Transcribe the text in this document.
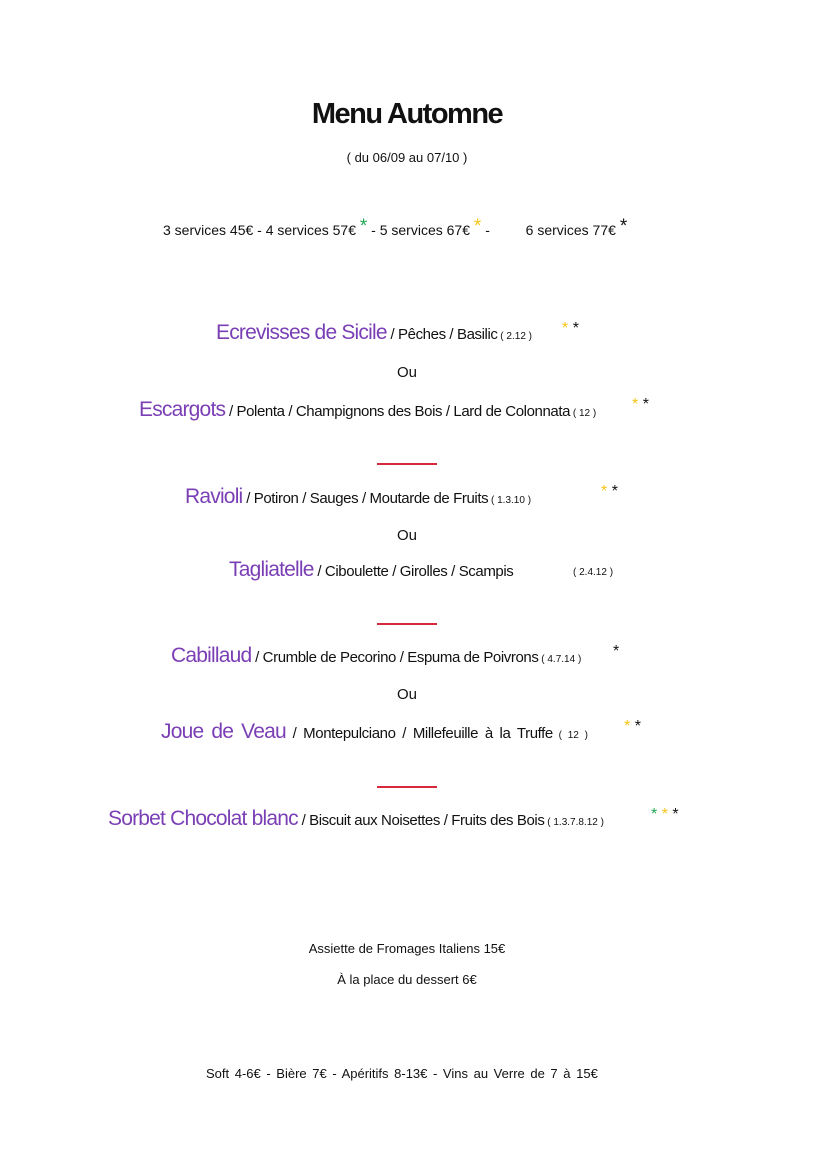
Menu Automne
( du 06/09 au 07/10 )
3 services 45€ - 4 services 57€ * - 5 services 67€ * -	6 services 77€ *
Ecrevisses de Sicile / Pêches / Basilic ( 2.12 ) * *
Ou
Escargots / Polenta / Champignons des Bois / Lard de Colonnata ( 12 )
* *
Ravioli / Potiron / Sauges / Moutarde de Fruits ( 1.3.10 )
* *
Ou
Tagliatelle / Ciboulette / Girolles / Scampis	( 2.4.12 )
Cabillaud / Crumble de Pecorino / Espuma de Poivrons ( 4.7.14 ) *
Ou
Joue de Veau / Montepulciano / Millefeuille à la Truffe ( 12 )
* *
Sorbet Chocolat blanc / Biscuit aux Noisettes / Fruits des Bois ( 1.3.7.8.12 )	* * *
Assiette de Fromages Italiens 15€
À la place du dessert 6€
Soft 4-6€ - Bière 7€ - Apéritifs 8-13€ - Vins au Verre de 7 à 15€
